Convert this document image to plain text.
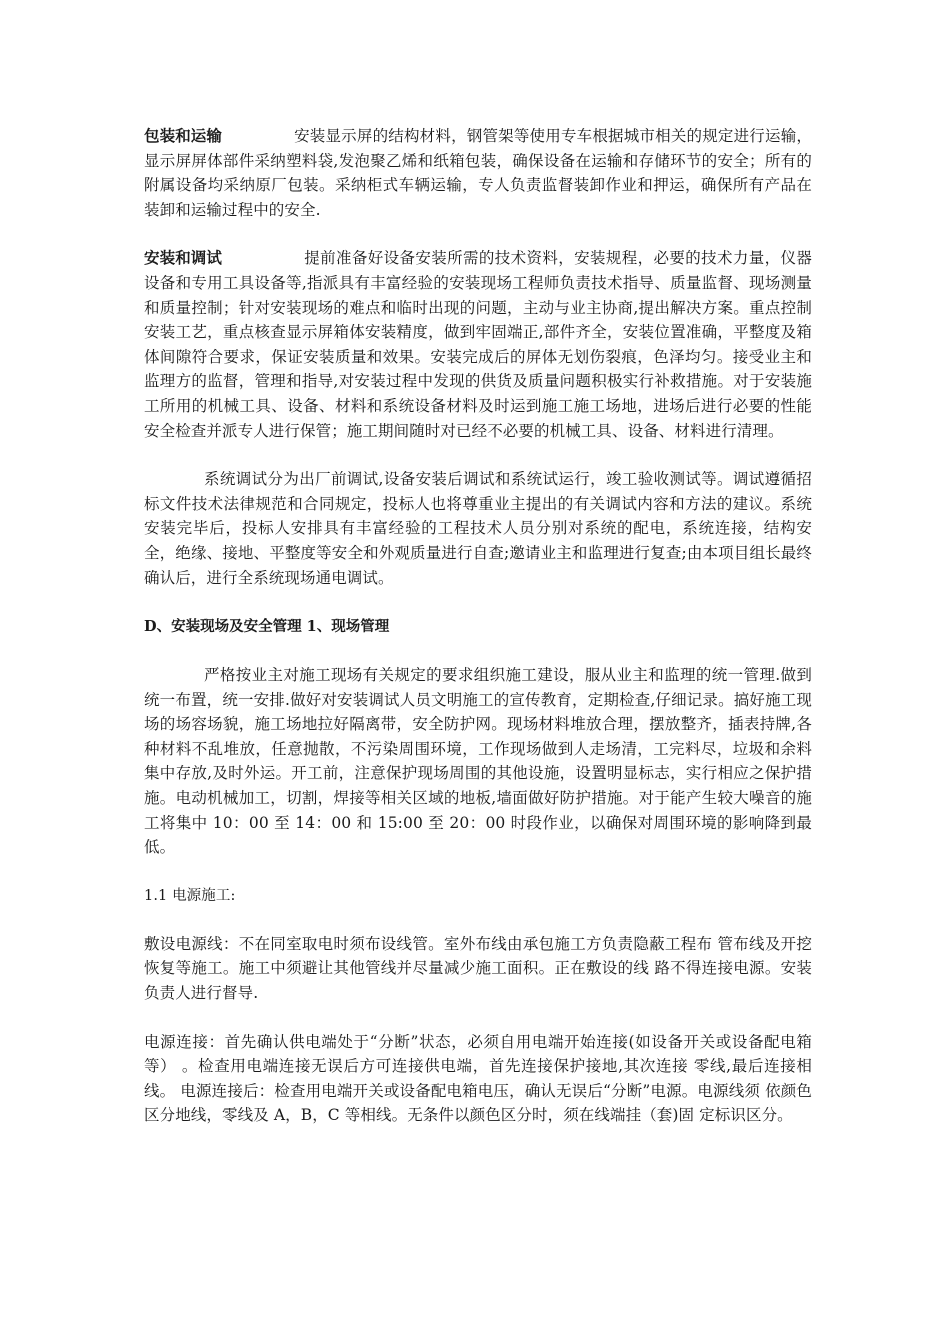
包装和运输	安装显示屏的结构材料，钢管架等使用专车根据城市相关的规定进行运输，显示屏屏体部件采纳塑料袋,发泡聚乙烯和纸箱包装，确保设备在运输和存储环节的安全；所有的附属设备均采纳原厂包装。采纳柜式车辆运输，专人负责监督装卸作业和押运，确保所有产品在装卸和运输过程中的安全.

安装和调试	提前准备好设备安装所需的技术资料，安装规程，必要的技术力量，仪器设备和专用工具设备等,指派具有丰富经验的安装现场工程师负责技术指导、质量监督、现场测量和质量控制；针对安装现场的难点和临时出现的问题，主动与业主协商,提出解决方案。重点控制安装工艺，重点核查显示屏箱体安装精度，做到牢固端正,部件齐全，安装位置准确，平整度及箱体间隙符合要求，保证安装质量和效果。安装完成后的屏体无划伤裂痕，色泽均匀。接受业主和监理方的监督，管理和指导,对安装过程中发现的供货及质量问题积极实行补救措施。对于安装施工所用的机械工具、设备、材料和系统设备材料及时运到施工施工场地，进场后进行必要的性能安全检查并派专人进行保管；施工期间随时对已经不必要的机械工具、设备、材料进行清理。

系统调试分为出厂前调试,设备安装后调试和系统试运行，竣工验收测试等。调试遵循招标文件技术法律规范和合同规定，投标人也将尊重业主提出的有关调试内容和方法的建议。系统安装完毕后，投标人安排具有丰富经验的工程技术人员分别对系统的配电，系统连接，结构安全，绝缘、接地、平整度等安全和外观质量进行自查;邀请业主和监理进行复查;由本项目组长最终确认后，进行全系统现场通电调试。

D、安装现场及安全管理 1、现场管理

严格按业主对施工现场有关规定的要求组织施工建设，服从业主和监理的统一管理.做到统一布置，统一安排.做好对安装调试人员文明施工的宣传教育，定期检查,仔细记录。搞好施工现场的场容场貌，施工场地拉好隔离带，安全防护网。现场材料堆放合理，摆放整齐，插表持牌,各种材料不乱堆放，任意抛散，不污染周围环境，工作现场做到人走场清，工完料尽，垃圾和余料集中存放,及时外运。开工前，注意保护现场周围的其他设施，设置明显标志，实行相应之保护措施。电动机械加工，切割，焊接等相关区域的地板,墙面做好防护措施。对于能产生较大噪音的施工将集中 10：00 至 14：00 和 15:00 至 20：00 时段作业，以确保对周围环境的影响降到最低。

1.1 电源施工:

敷设电源线：不在同室取电时须布设线管。室外布线由承包施工方负责隐蔽工程布 管布线及开挖恢复等施工。施工中须避让其他管线并尽量减少施工面积。正在敷设的线 路不得连接电源。安装负责人进行督导.

电源连接：首先确认供电端处于“分断”状态，必须自用电端开始连接(如设备开关或设备配电箱等） 。检查用电端连接无误后方可连接供电端，首先连接保护接地,其次连接 零线,最后连接相线。 电源连接后：检查用电端开关或设备配电箱电压，确认无误后“分断”电源。电源线须 依颜色区分地线，零线及 A，B，C 等相线。无条件以颜色区分时，须在线端挂（套)固 定标识区分。
